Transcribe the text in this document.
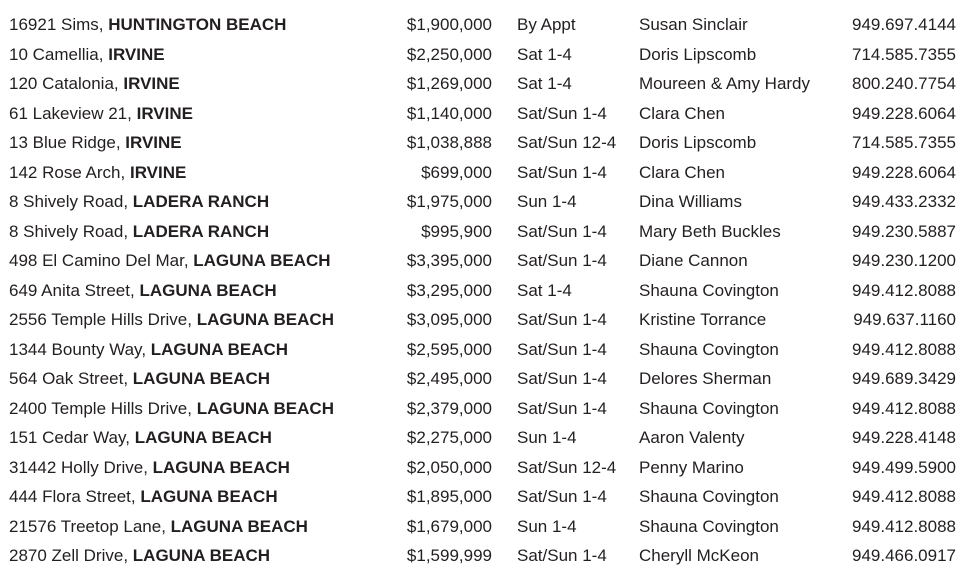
16921 Sims, HUNTINGTON BEACH	$1,900,000 By Appt	Susan Sinclair	949.697.4144
10 Camellia, IRVINE	$2,250,000 Sat 1-4	Doris Lipscomb	714.585.7355
120 Catalonia, IRVINE	$1,269,000 Sat 1-4	Moureen & Amy Hardy	800.240.7754
61 Lakeview 21, IRVINE	$1,140,000 Sat/Sun 1-4 Clara Chen	949.228.6064
13 Blue Ridge, IRVINE	$1,038,888 Sat/Sun 12-4 Doris Lipscomb	714.585.7355
142 Rose Arch, IRVINE	$699,000 Sat/Sun 1-4 Clara Chen	949.228.6064
8 Shively Road, LADERA RANCH	$1,975,000 Sun 1-4	Dina Williams	949.433.2332
8 Shively Road, LADERA RANCH	$995,900 Sat/Sun 1-4 Mary Beth Buckles	949.230.5887
498 El Camino Del Mar, LAGUNA BEACH	$3,395,000 Sat/Sun 1-4 Diane Cannon	949.230.1200
649 Anita Street, LAGUNA BEACH	$3,295,000 Sat 1-4	Shauna Covington	949.412.8088
2556 Temple Hills Drive, LAGUNA BEACH	$3,095,000 Sat/Sun 1-4 Kristine Torrance	949.637.1160
1344 Bounty Way, LAGUNA BEACH	$2,595,000 Sat/Sun 1-4 Shauna Covington	949.412.8088
564 Oak Street, LAGUNA BEACH	$2,495,000 Sat/Sun 1-4 Delores Sherman	949.689.3429
2400 Temple Hills Drive, LAGUNA BEACH	$2,379,000 Sat/Sun 1-4 Shauna Covington	949.412.8088
151 Cedar Way, LAGUNA BEACH	$2,275,000 Sun 1-4	Aaron Valenty	949.228.4148
31442 Holly Drive, LAGUNA BEACH	$2,050,000 Sat/Sun 12-4 Penny Marino	949.499.5900
444 Flora Street, LAGUNA BEACH	$1,895,000 Sat/Sun 1-4 Shauna Covington	949.412.8088
21576 Treetop Lane, LAGUNA BEACH	$1,679,000 Sun 1-4	Shauna Covington	949.412.8088
2870 Zell Drive, LAGUNA BEACH	$1,599,999 Sat/Sun 1-4 Cheryll McKeon	949.466.0917
